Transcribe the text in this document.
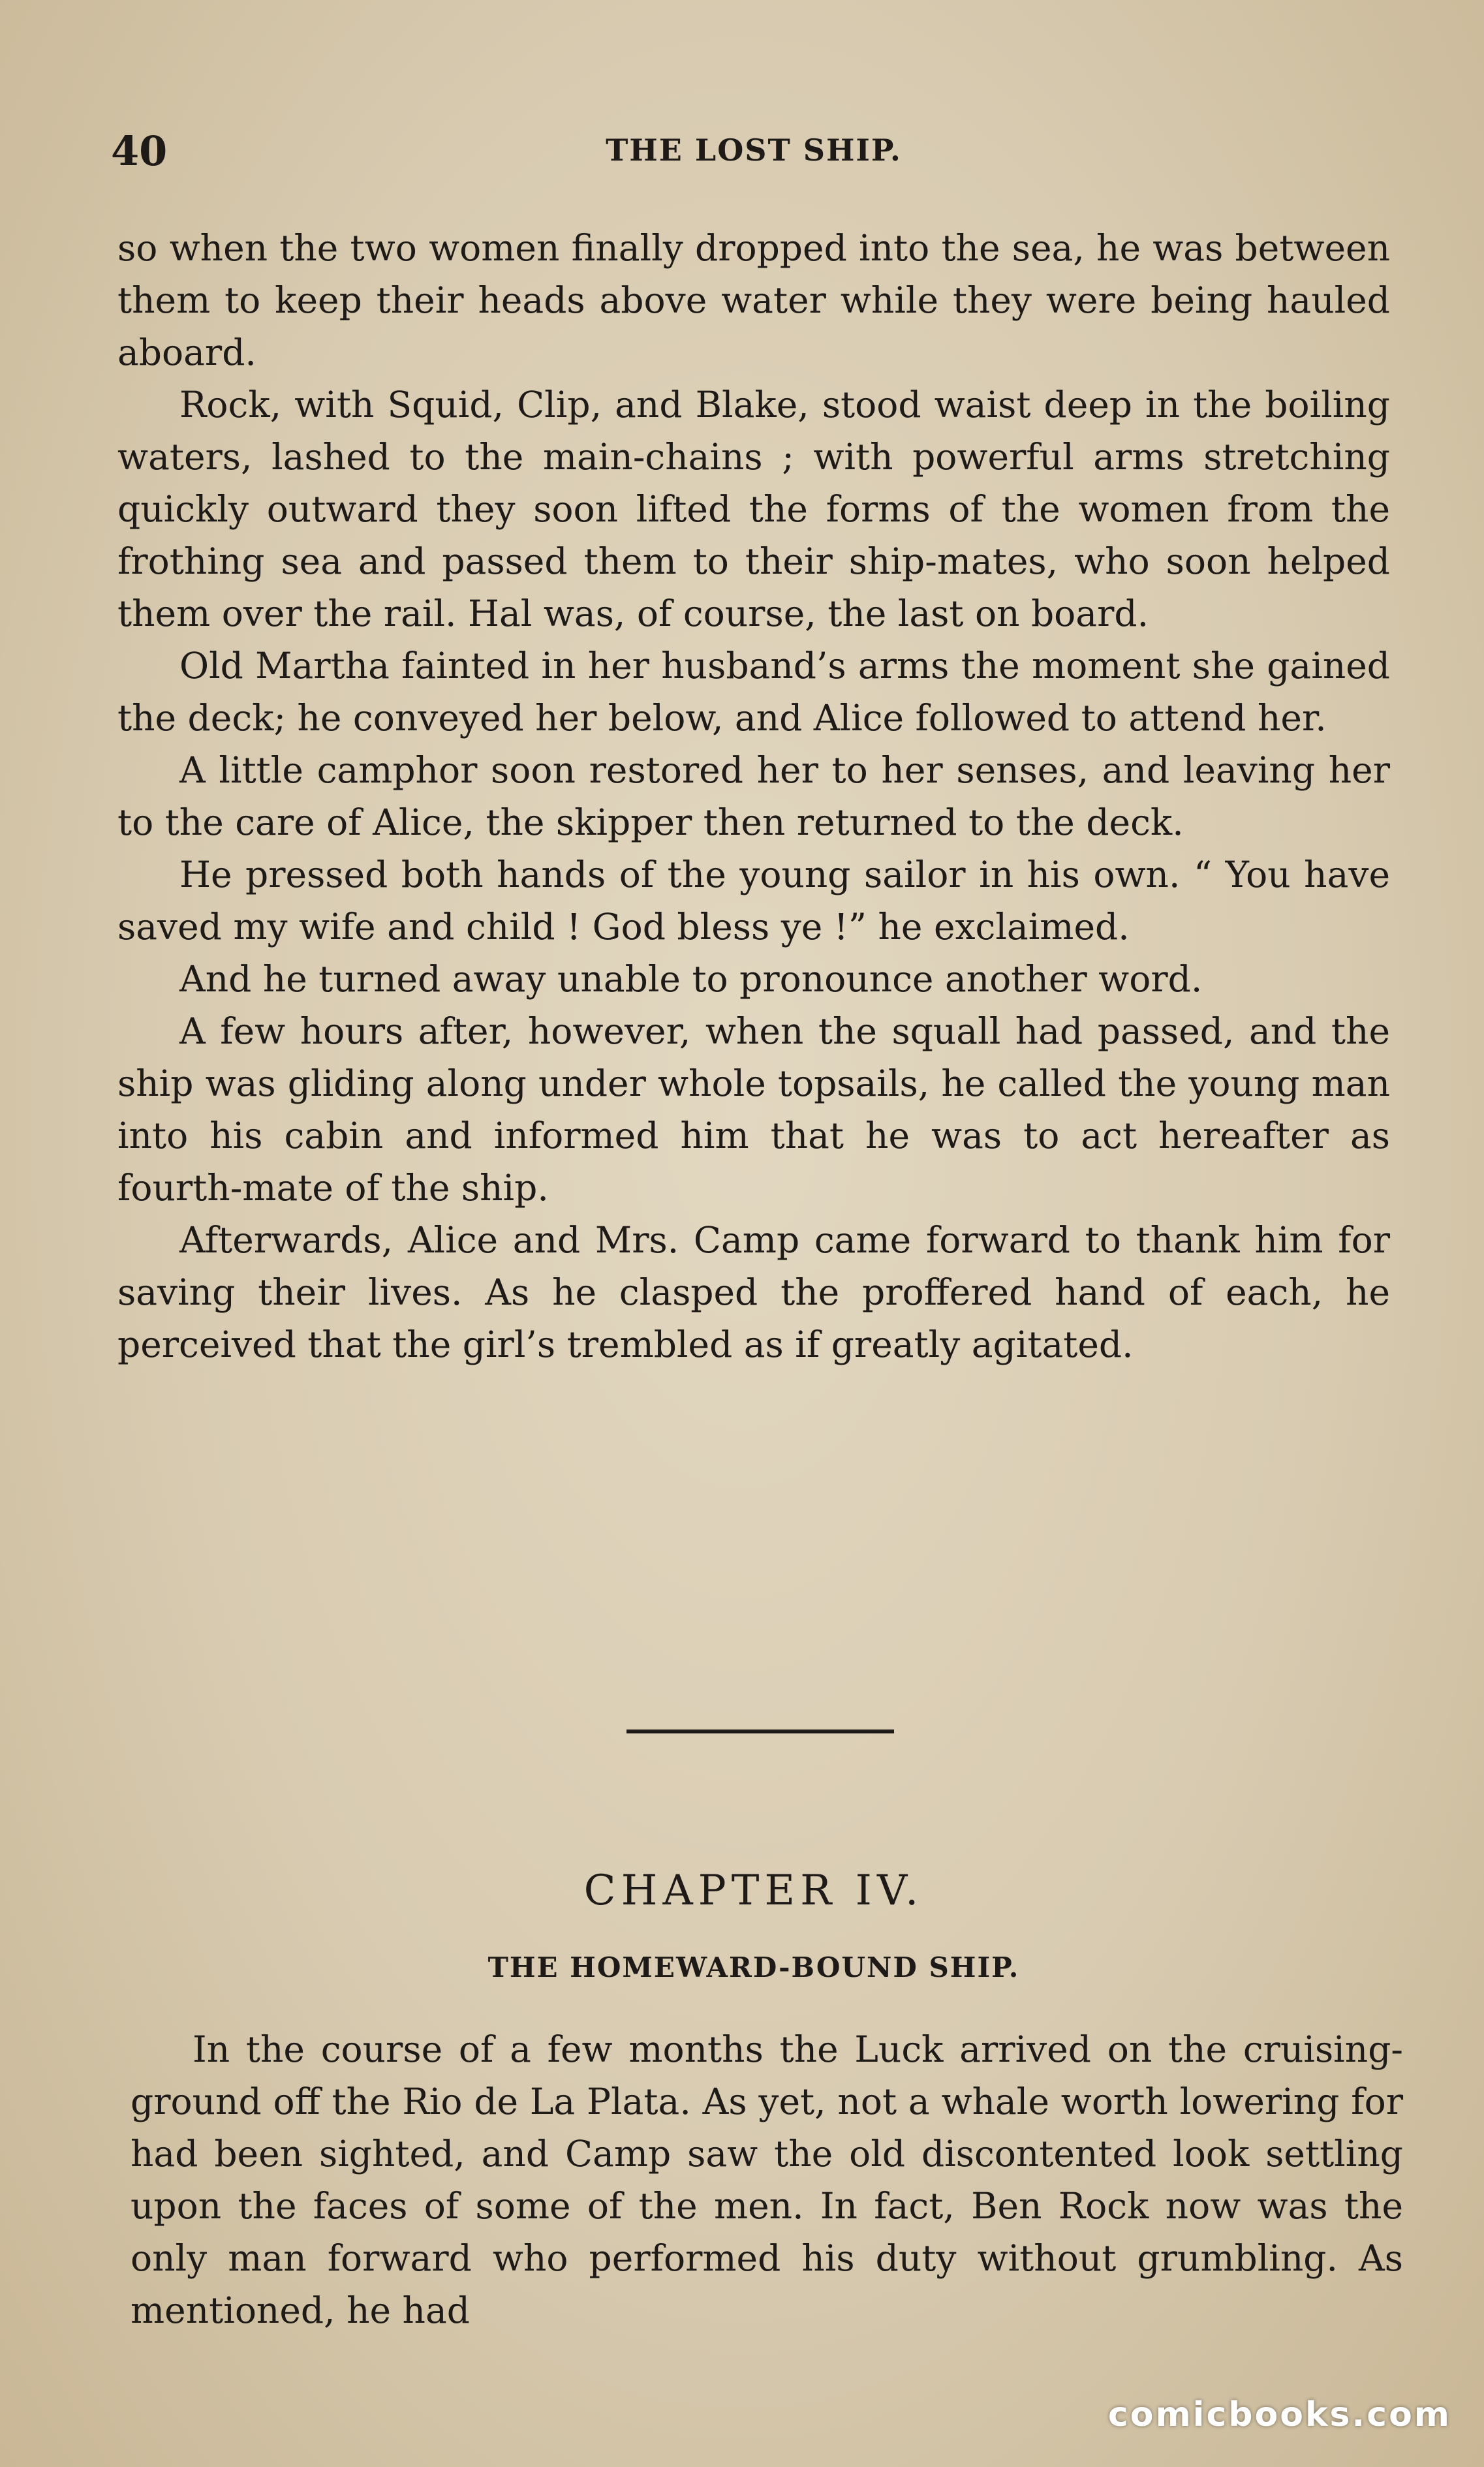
40	THE LOST SHIP.

so when the two women finally dropped into the sea, he was between them to keep their heads above water while they were being hauled aboard.

Rock, with Squid, Clip, and Blake, stood waist deep in the boiling waters, lashed to the main-chains ; with powerful arms stretching quickly outward they soon lifted the forms of the women from the frothing sea and passed them to their ship-mates, who soon helped them over the rail. Hal was, of course, the last on board.

Old Martha fainted in her husband’s arms the moment she gained the deck; he conveyed her below, and Alice followed to attend her.

A little camphor soon restored her to her senses, and leaving her to the care of Alice, the skipper then returned to the deck.

He pressed both hands of the young sailor in his own. “ You have saved my wife and child ! God bless ye !” he exclaimed.

And he turned away unable to pronounce another word.

A few hours after, however, when the squall had passed, and the ship was gliding along under whole topsails, he called the young man into his cabin and informed him that he was to act hereafter as fourth-mate of the ship.

Afterwards, Alice and Mrs. Camp came forward to thank him for saving their lives. As he clasped the proffered hand of each, he perceived that the girl’s trembled as if greatly agitated.

CHAPTER IV.
THE HOMEWARD-BOUND SHIP.

In the course of a few months the Luck arrived on the cruising-ground off the Rio de La Plata. As yet, not a whale worth lowering for had been sighted, and Camp saw the old discontented look settling upon the faces of some of the men. In fact, Ben Rock now was the only man forward who performed his duty without grumbling. As mentioned, he had

comicbooks.com
